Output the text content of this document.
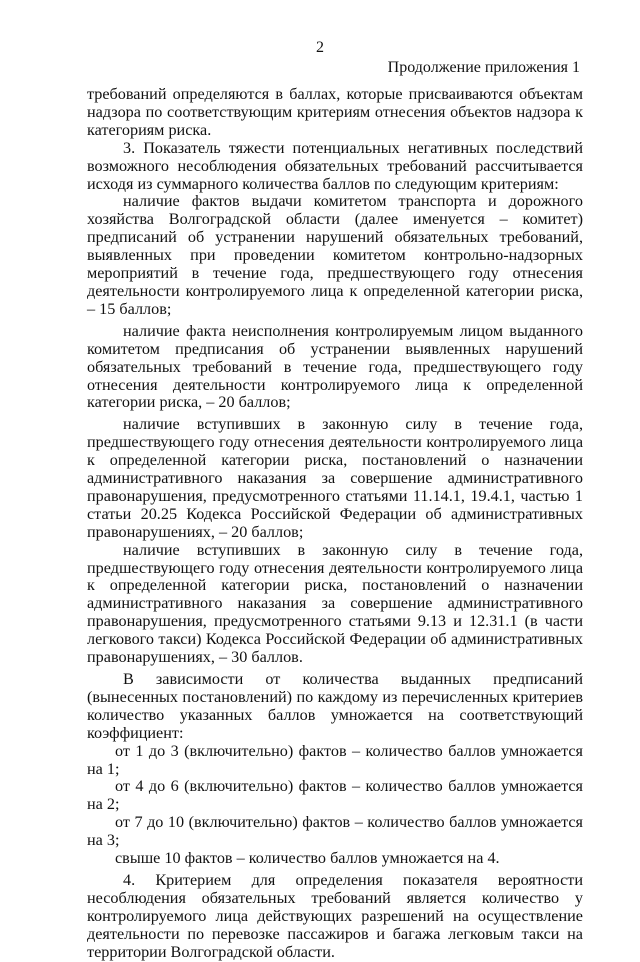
2
Продолжение приложения 1

требований определяются в баллах, которые присваиваются объектам надзора по соответствующим критериям отнесения объектов надзора к категориям риска.

3. Показатель тяжести потенциальных негативных последствий возможного несоблюдения обязательных требований рассчитывается исходя из суммарного количества баллов по следующим критериям:

наличие фактов выдачи комитетом транспорта и дорожного хозяйства Волгоградской области (далее именуется – комитет) предписаний об устранении нарушений обязательных требований, выявленных при проведении комитетом контрольно-надзорных мероприятий в течение года, предшествующего году отнесения деятельности контролируемого лица к определенной категории риска, – 15 баллов;

наличие факта неисполнения контролируемым лицом выданного комитетом предписания об устранении выявленных нарушений обязательных требований в течение года, предшествующего году отнесения деятельности контролируемого лица к определенной категории риска, – 20 баллов;

наличие вступивших в законную силу в течение года, предшествующего году отнесения деятельности контролируемого лица к определенной категории риска, постановлений о назначении административного наказания за совершение административного правонарушения, предусмотренного статьями 11.14.1, 19.4.1, частью 1 статьи 20.25 Кодекса Российской Федерации об административных правонарушениях, – 20 баллов;

наличие вступивших в законную силу в течение года, предшествующего году отнесения деятельности контролируемого лица к определенной категории риска, постановлений о назначении административного наказания за совершение административного правонарушения, предусмотренного статьями 9.13 и 12.31.1 (в части легкового такси) Кодекса Российской Федерации об административных правонарушениях, – 30 баллов.

В зависимости от количества выданных предписаний (вынесенных постановлений) по каждому из перечисленных критериев количество указанных баллов умножается на соответствующий коэффициент:

от 1 до 3 (включительно) фактов – количество баллов умножается на 1;

от 4 до 6 (включительно) фактов – количество баллов умножается на 2;

от 7 до 10 (включительно) фактов – количество баллов умножается на 3;

свыше 10 фактов – количество баллов умножается на 4.

4. Критерием для определения показателя вероятности несоблюдения обязательных требований является количество у контролируемого лица действующих разрешений на осуществление деятельности по перевозке пассажиров и багажа легковым такси на территории Волгоградской области.
